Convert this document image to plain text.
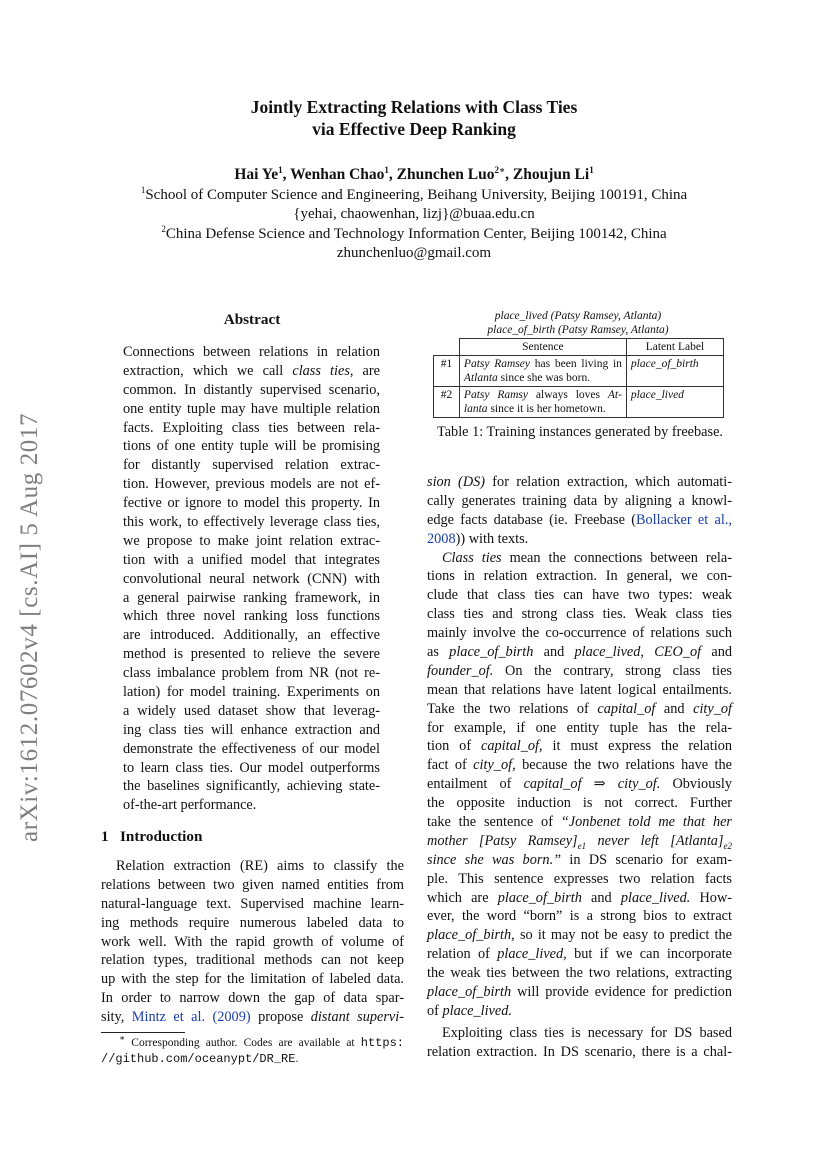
arXiv:1612.07602v4 [cs.AI] 5 Aug 2017
Jointly Extracting Relations with Class Ties
via Effective Deep Ranking
Hai Ye$^1$, Wenhan Chao$^1$, Zhunchen Luo$^{2∗}$, Zhoujun Li$^1$
$^1$School of Computer Science and Engineering, Beihang University, Beijing 100191, China
{yehai, chaowenhan, lizj}@buaa.edu.cn
$^2$China Defense Science and Technology Information Center, Beijing 100142, China
zhunchenluo@gmail.com
Abstract
Connections between relations in relation
extraction, which we call class ties, are
common. In distantly supervised scenario,
one entity tuple may have multiple relation
facts. Exploiting class ties between rela-
tions of one entity tuple will be promising
for distantly supervised relation extrac-
tion. However, previous models are not ef-
fective or ignore to model this property. In
this work, to effectively leverage class ties,
we propose to make joint relation extrac-
tion with a unified model that integrates
convolutional neural network (CNN) with
a general pairwise ranking framework, in
which three novel ranking loss functions
are introduced. Additionally, an effective
method is presented to relieve the severe
class imbalance problem from NR (not re-
lation) for model training. Experiments on
a widely used dataset show that leverag-
ing class ties will enhance extraction and
demonstrate the effectiveness of our model
to learn class ties. Our model outperforms
the baselines significantly, achieving state-
of-the-art performance.
1 Introduction
Relation extraction (RE) aims to classify the
relations between two given named entities from
natural-language text. Supervised machine learn-
ing methods require numerous labeled data to
work well. With the rapid growth of volume of
relation types, traditional methods can not keep
up with the step for the limitation of labeled data.
In order to narrow down the gap of data spar-
sity, Mintz et al. (2009) propose distant supervi-
∗ Corresponding author. Codes are available at https:
//github.com/oceanypt/DR_RE.
place_lived (Patsy Ramsey, Atlanta)
place_of_birth (Patsy Ramsey, Atlanta)
	Sentence	Latent Label
#1	Patsy Ramsey has been living in
Atlanta since she was born.	place_of_birth
#2	Patsy Ramsy always loves At-
lanta since it is her hometown.	place_lived
Table 1: Training instances generated by freebase.
sion (DS) for relation extraction, which automati-
cally generates training data by aligning a knowl-
edge facts database (ie. Freebase (Bollacker et al.,
2008)) with texts.
Class ties mean the connections between rela-
tions in relation extraction. In general, we con-
clude that class ties can have two types: weak
class ties and strong class ties. Weak class ties
mainly involve the co-occurrence of relations such
as place_of_birth and place_lived, CEO_of and
founder_of. On the contrary, strong class ties
mean that relations have latent logical entailments.
Take the two relations of capital_of and city_of
for example, if one entity tuple has the rela-
tion of capital_of, it must express the relation
fact of city_of, because the two relations have the
entailment of capital_of ⇒ city_of. Obviously
the opposite induction is not correct. Further
take the sentence of “Jonbenet told me that her
mother [Patsy $Ramsey]_{e1}$ never left $[Atlanta]_{e2}$
since she was born.” in DS scenario for exam-
ple. This sentence expresses two relation facts
which are place_of_birth and place_lived. How-
ever, the word “born” is a strong bios to extract
place_of_birth, so it may not be easy to predict the
relation of place_lived, but if we can incorporate
the weak ties between the two relations, extracting
place_of_birth will provide evidence for prediction
of place_lived.
Exploiting class ties is necessary for DS based
relation extraction. In DS scenario, there is a chal-
